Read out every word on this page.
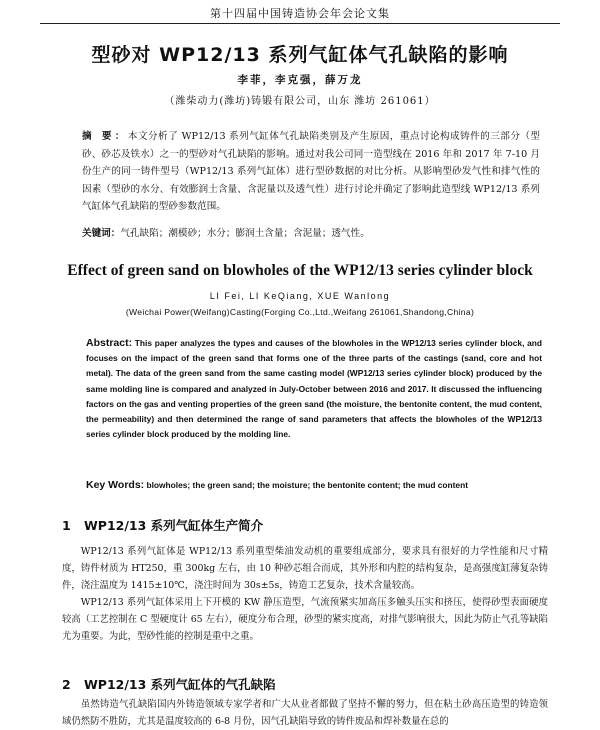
第十四届中国铸造协会年会论文集
型砂对 WP12/13 系列气缸体气孔缺陷的影响
李菲，李克强，薛万龙
（潍柴动力(潍坊)铸锻有限公司，山东 潍坊 261061）
摘 要：本文分析了 WP12/13 系列气缸体气孔缺陷类别及产生原因，重点讨论构成铸件的三部分（型砂、砂芯及铁水）之一的型砂对气孔缺陷的影响。通过对我公司同一造型线在 2016 年和 2017 年 7-10 月份生产的同一铸件型号（WP12/13 系列气缸体）进行型砂数据的对比分析。从影响型砂发气性和排气性的因素（型砂的水分、有效膨润土含量、含泥量以及透气性）进行讨论并确定了影响此造型线 WP12/13 系列气缸体气孔缺陷的型砂参数范围。
关键词：气孔缺陷；潮模砂；水分；膨润土含量；含泥量；透气性。
Effect of green sand on blowholes of the WP12/13 series cylinder block
LI Fei, LI KeQiang, XUE Wanlong
(Weichai Power(Weifang)Casting(Forging Co.,Ltd.,Weifang 261061,Shandong,China)
Abstract: This paper analyzes the types and causes of the blowholes in the WP12/13 series cylinder block, and focuses on the impact of the green sand that forms one of the three parts of the castings (sand, core and hot metal). The data of the green sand from the same casting model (WP12/13 series cylinder block) produced by the same molding line is compared and analyzed in July-October between 2016 and 2017. It discussed the influencing factors on the gas and venting properties of the green sand (the moisture, the bentonite content, the mud content, the permeability) and then determined the range of sand parameters that affects the blowholes of the WP12/13 series cylinder block produced by the molding line.
Key Words: blowholes; the green sand; the moisture; the bentonite content; the mud content
1 WP12/13 系列气缸体生产简介

WP12/13 系列气缸体是 WP12/13 系列重型柴油发动机的重要组成部分，要求具有很好的力学性能和尺寸精度，铸件材质为 HT250，重 300kg 左右，由 10 种砂芯组合而成，其外形和内腔的结构复杂，是高强度缸薄复杂铸件，浇注温度为 1415±10℃，浇注时间为 30s±5s，铸造工艺复杂，技术含量较高。

WP12/13 系列气缸体采用上下开模的 KW 静压造型，气流预紧实加高压多触头压实和挤压，使得砂型表面硬度较高（工艺控制在 C 型硬度计 65 左右），硬度分布合理，砂型的紧实度高，对排气影响很大，因此为防止气孔等缺陷尤为重要。为此，型砂性能的控制是重中之重。

2 WP12/13 系列气缸体的气孔缺陷

虽然铸造气孔缺陷国内外铸造领域专家学者和广大从业者都做了坚持不懈的努力，但在粘土砂高压造型的铸造领域仍然防不胜防，尤其是温度较高的 6-8 月份，因气孔缺陷导致的铸件废品和焊补数量在总的
